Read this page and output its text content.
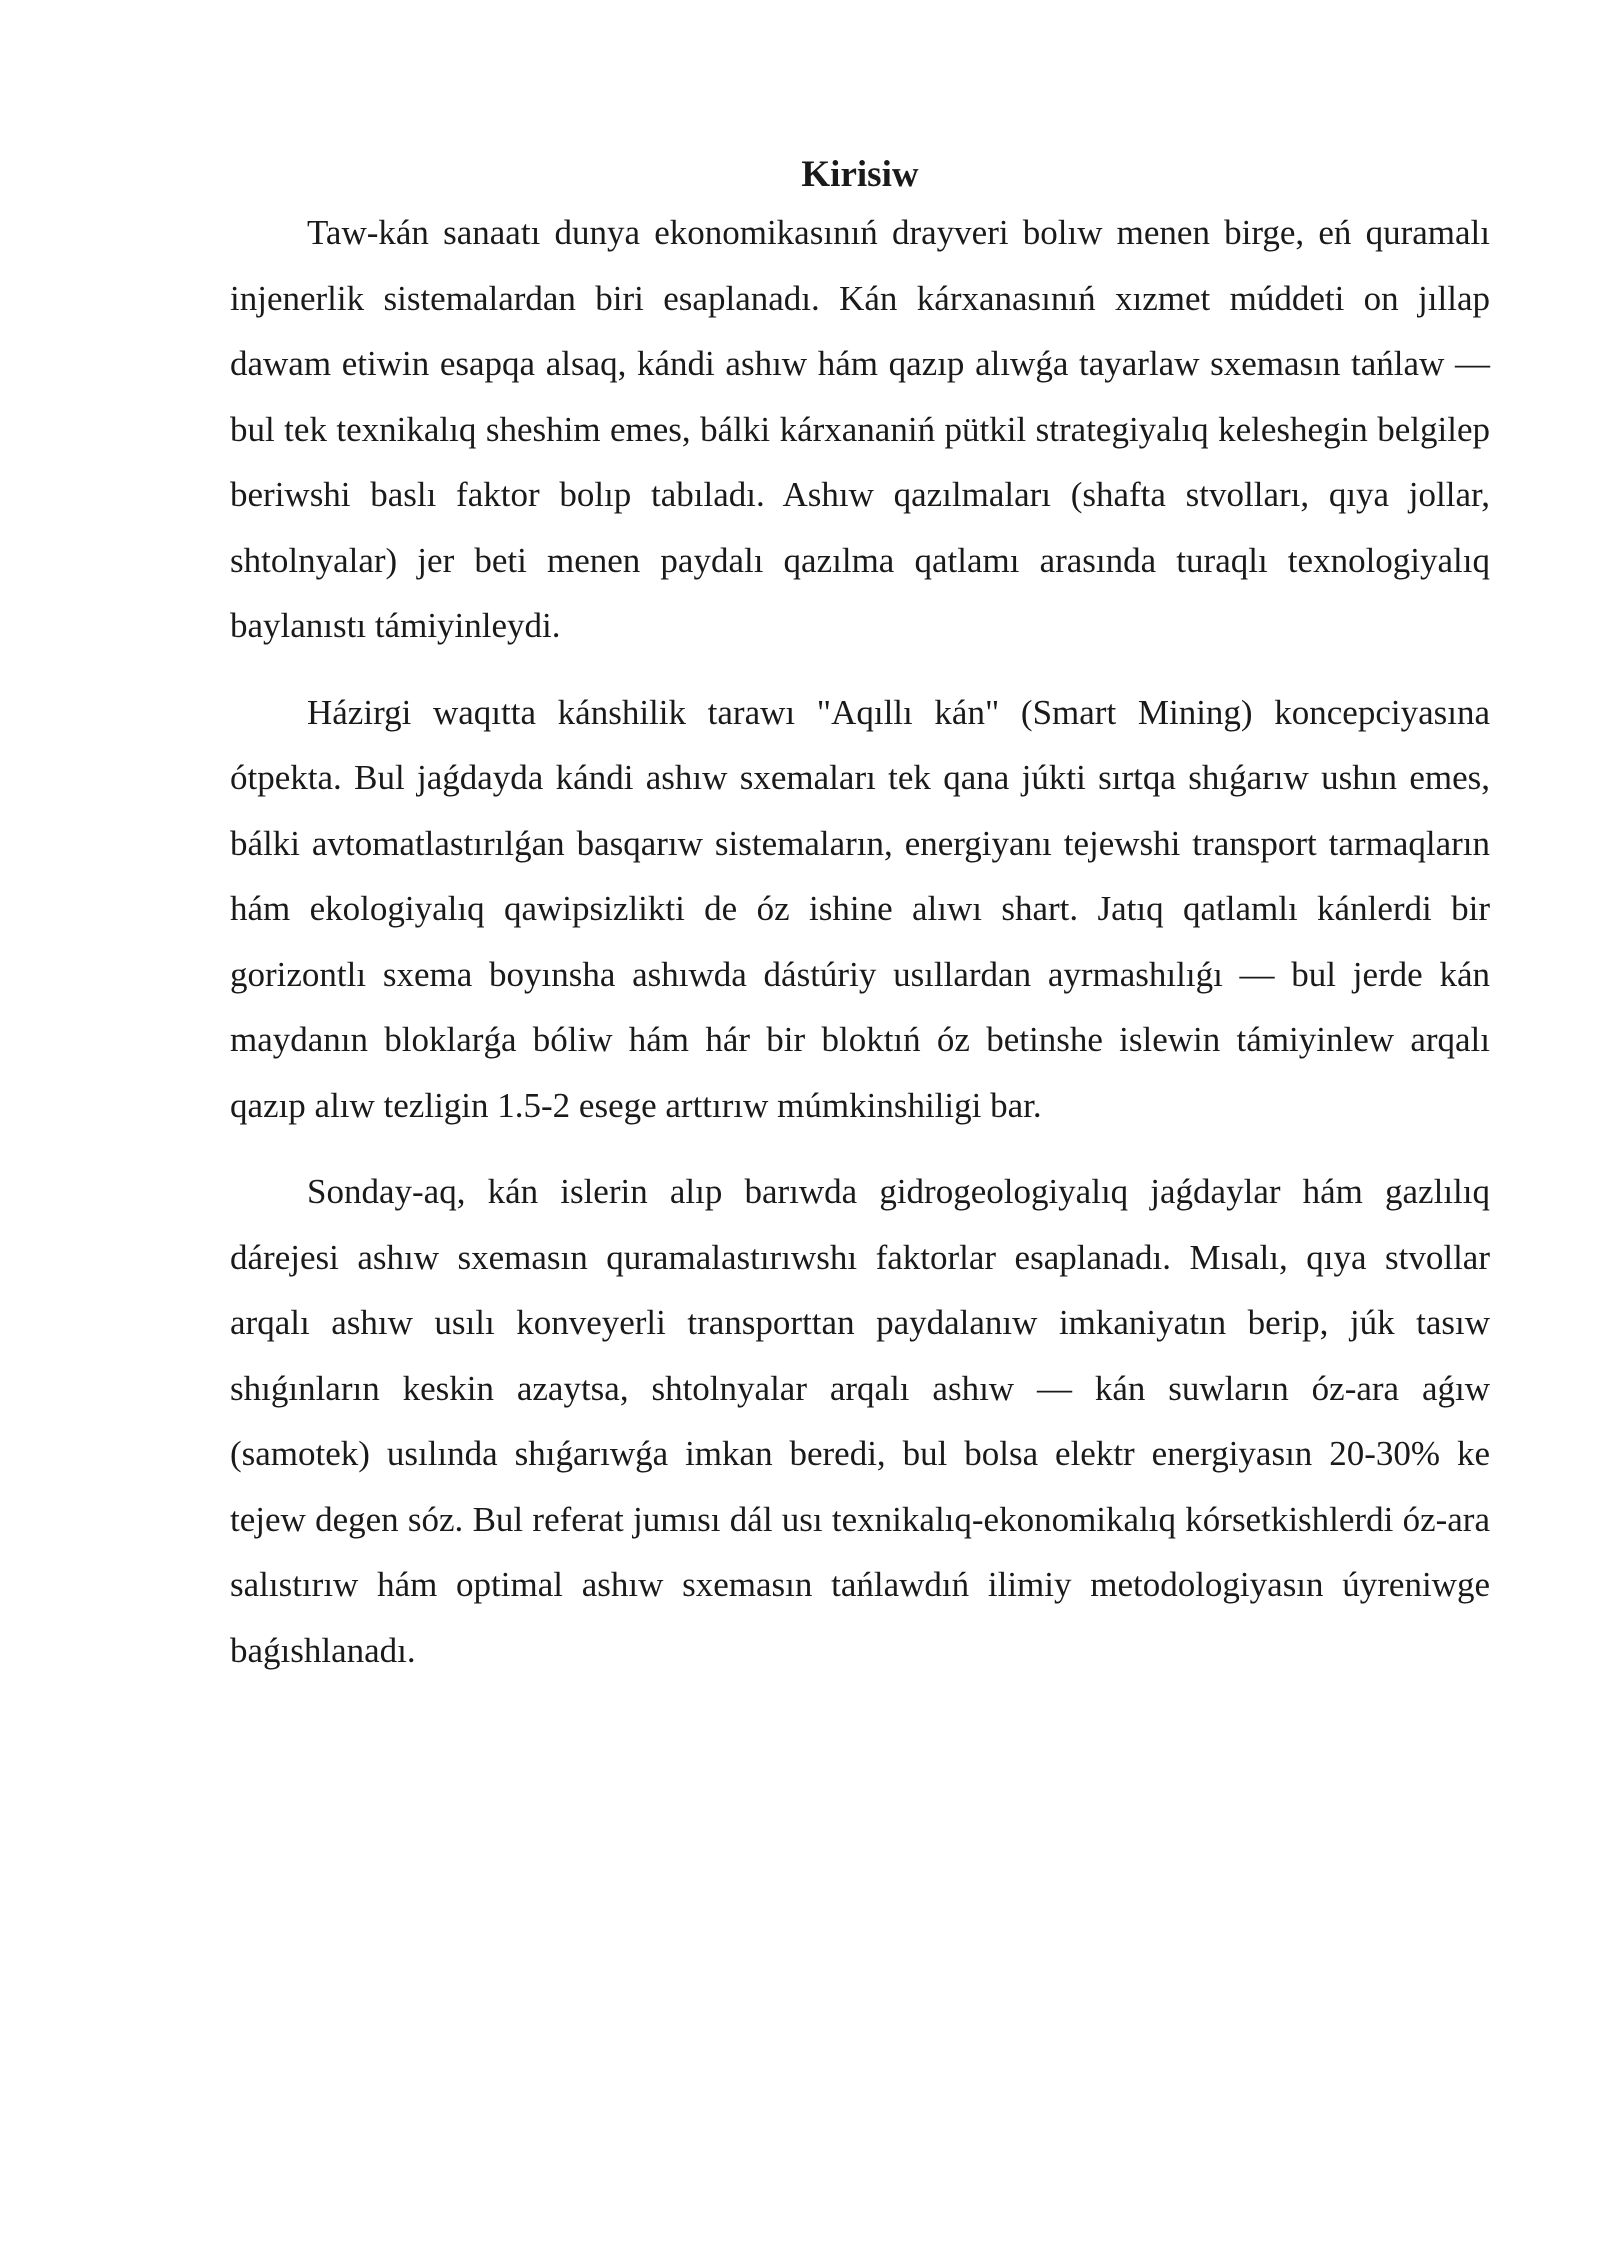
Kirisiw

Taw-kán sanaatı dunya ekonomikasınıń drayveri bolıw menen birge, eń quramalı injenerlik sistemalardan biri esaplanadı. Kán kárxanasınıń xızmet múddeti on jıllap dawam etiwin esapqa alsaq, kándi ashıw hám qazıp alıwǵa tayarlaw sxemasın tańlaw — bul tek texnikalıq sheshim emes, bálki kárxananiń pütkil strategiyalıq keleshegin belgilep beriwshi baslı faktor bolıp tabıladı. Ashıw qazılmaları (shafta stvolları, qıya jollar, shtolnyalar) jer beti menen paydalı qazılma qatlamı arasında turaqlı texnologiyalıq baylanıstı támiyinleydi.

Házirgi waqıtta kánshilik tarawı "Aqıllı kán" (Smart Mining) koncepciyasına ótpekta. Bul jaǵdayda kándi ashıw sxemaları tek qana júkti sırtqa shıǵarıw ushın emes, bálki avtomatlastırılǵan basqarıw sistemaların, energiyanı tejewshi transport tarmaqların hám ekologiyalıq qawipsizlikti de óz ishine alıwı shart. Jatıq qatlamlı kánlerdi bir gorizontlı sxema boyınsha ashıwda dástúriy usıllardan ayrmashılıǵı — bul jerde kán maydanın bloklarǵa bóliw hám hár bir bloktıń óz betinshe islewin támiyinlew arqalı qazıp alıw tezligin 1.5-2 esege arttırıw múmkinshiligi bar.

Sonday-aq, kán islerin alıp barıwda gidrogeologiyalıq jaǵdaylar hám gazlılıq dárejesi ashıw sxemasın quramalastırıwshı faktorlar esaplanadı. Mısalı, qıya stvollar arqalı ashıw usılı konveyerli transporttan paydalanıw imkaniyatın berip, júk tasıw shıǵınların keskin azaytsa, shtolnyalar arqalı ashıw — kán suwların óz-ara aǵıw (samotek) usılında shıǵarıwǵa imkan beredi, bul bolsa elektr energiyasın 20-30% ke tejew degen sóz. Bul referat jumısı dál usı texnikalıq-ekonomikalıq kórsetkishlerdi óz-ara salıstırıw hám optimal ashıw sxemasın tańlawdıń ilimiy metodologiyasın úyreniwge baǵıshlanadı.
